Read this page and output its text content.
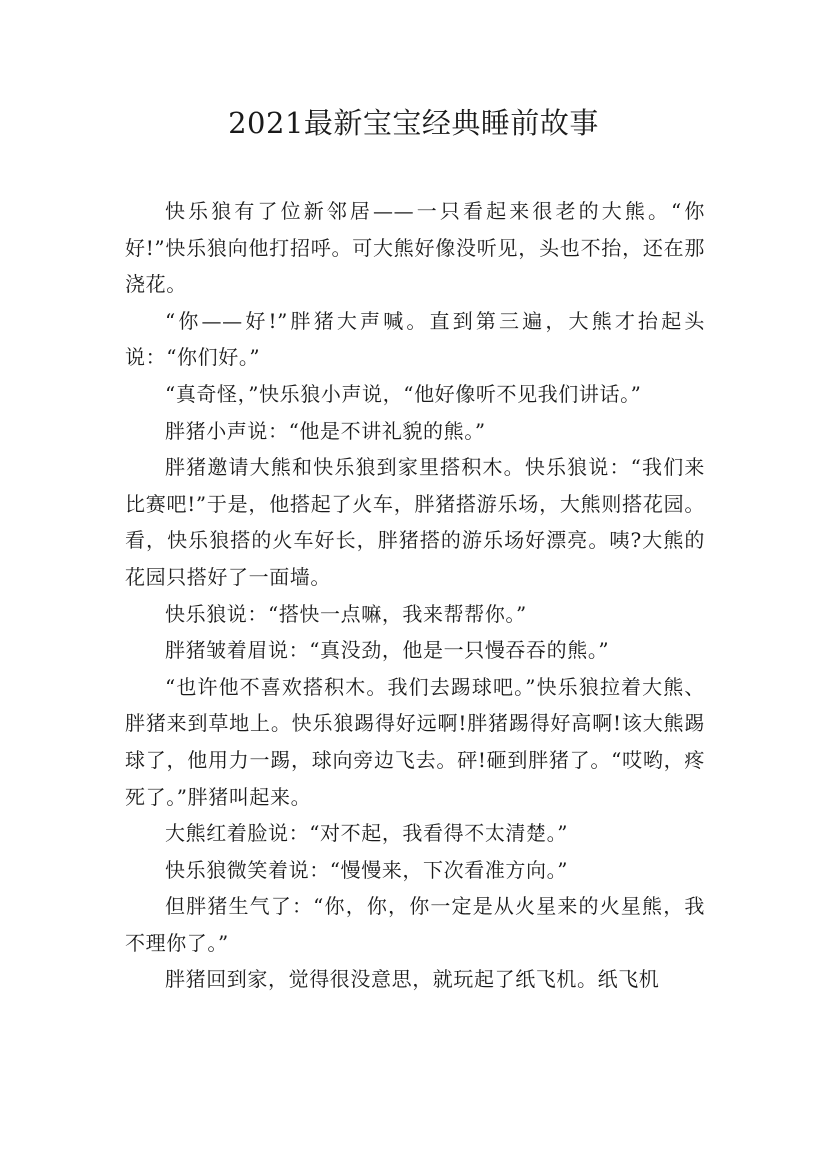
2021最新宝宝经典睡前故事

快乐狼有了位新邻居——一只看起来很老的大熊。“你好!”快乐狼向他打招呼。可大熊好像没听见，头也不抬，还在那浇花。

“你——好!”胖猪大声喊。直到第三遍，大熊才抬起头说：“你们好。”

“真奇怪，”快乐狼小声说，“他好像听不见我们讲话。”

胖猪小声说：“他是不讲礼貌的熊。”

胖猪邀请大熊和快乐狼到家里搭积木。快乐狼说：“我们来比赛吧!”于是，他搭起了火车，胖猪搭游乐场，大熊则搭花园。看，快乐狼搭的火车好长，胖猪搭的游乐场好漂亮。咦?大熊的花园只搭好了一面墙。

快乐狼说：“搭快一点嘛，我来帮帮你。”

胖猪皱着眉说：“真没劲，他是一只慢吞吞的熊。”

“也许他不喜欢搭积木。我们去踢球吧。”快乐狼拉着大熊、胖猪来到草地上。快乐狼踢得好远啊!胖猪踢得好高啊!该大熊踢球了，他用力一踢，球向旁边飞去。砰!砸到胖猪了。“哎哟，疼死了。”胖猪叫起来。

大熊红着脸说：“对不起，我看得不太清楚。”

快乐狼微笑着说：“慢慢来，下次看准方向。”

但胖猪生气了：“你，你，你一定是从火星来的火星熊，我不理你了。”

胖猪回到家，觉得很没意思，就玩起了纸飞机。纸飞机
